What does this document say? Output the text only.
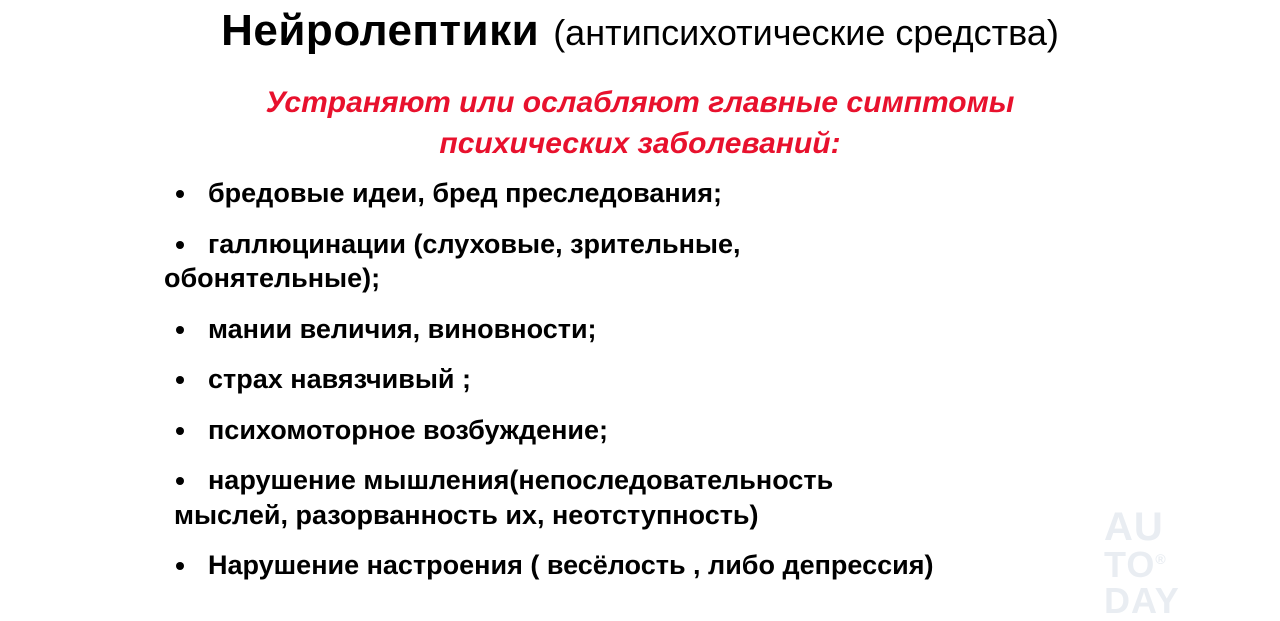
Нейролептики (антипсихотические средства)
Устраняют или ослабляют главные симптомы
психических заболеваний:
бредовые идеи, бред преследования;
галлюцинации (слуховые, зрительные,
обонятельные);
мании величия, виновности;
страх навязчивый ;
психомоторное возбуждение;
нарушение мышления(непоследовательность
мыслей, разорванность их, неотступность)
Нарушение настроения ( весёлость , либо депрессия)
AU
TO®
DAY
